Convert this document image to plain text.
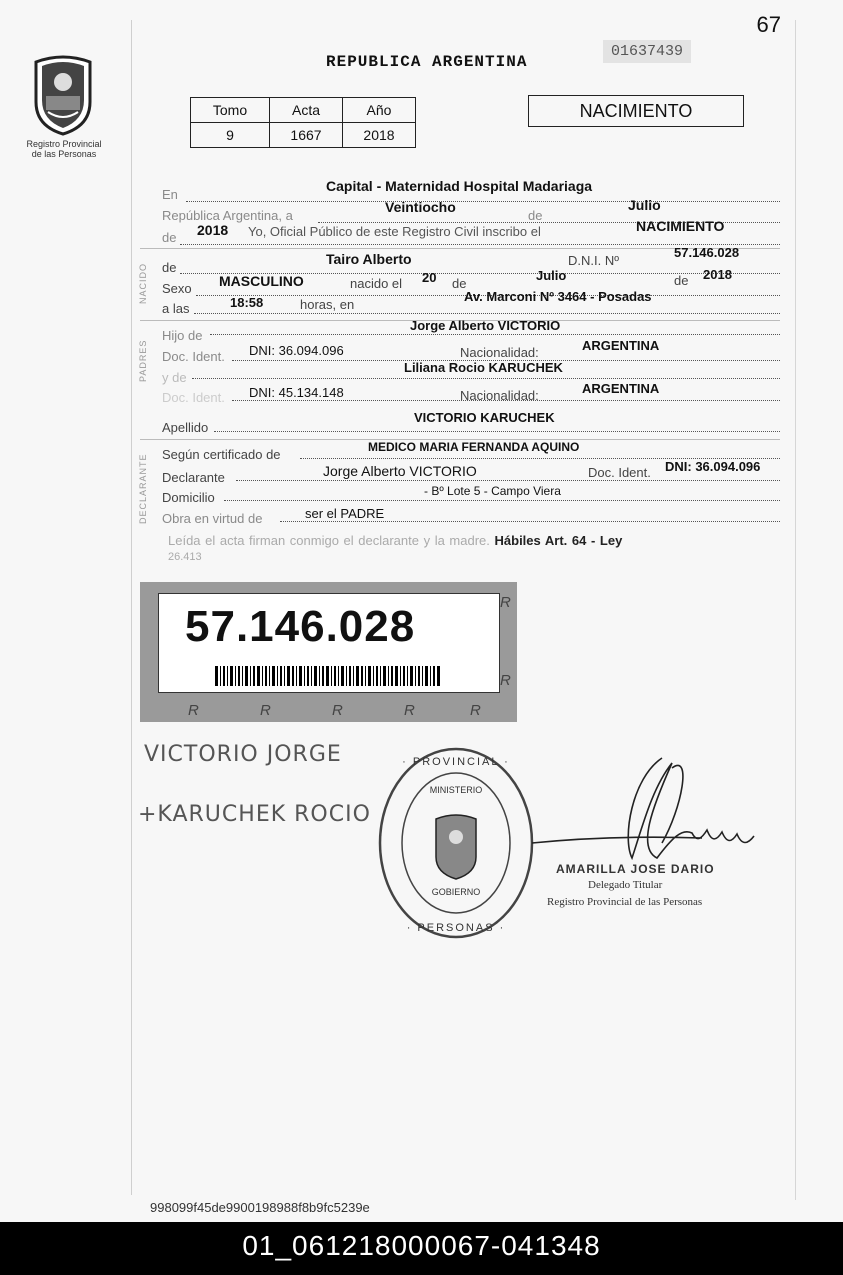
67
Registro Provincial
de las Personas
REPUBLICA ARGENTINA
01637439
Tomo	Acta	Año
9	1667	2018
NACIMIENTO
En
Capital - Maternidad Hospital Madariaga
República Argentina, a
Veintiocho
de
Julio
de 2018 Yo, Oficial Público de este Registro Civil inscribo el	NACIMIENTO
NACIDO de
Tairo Alberto	D.N.I. Nº
57.146.028
Sexo MASCULINO	nacido el 20 de
Julio	de 2018
a las	18:58	horas, en
Av. Marconi Nº 3464 - Posadas
PADRES
Hijo de
Jorge Alberto VICTORIO
Doc. Ident. DNI: 36.094.096	Nacionalidad:	ARGENTINA
y de
Liliana Rocio KARUCHEK
Doc. Ident. DNI: 45.134.148	Nacionalidad:	ARGENTINA
Apellido
VICTORIO KARUCHEK
DECLARANTE Según certificado de	MEDICO MARIA FERNANDA AQUINO
Declarante	Jorge Alberto VICTORIO	Doc. Ident. DNI: 36.094.096
Domicilio	- Bº Lote 5 - Campo Viera
Obra en virtud de	ser el PADRE
Leída el acta firman conmigo el declarante y la madre. Hábiles Art. 64 - Ley
26.413
57.146.028	R
R
R	R	R	R	R
VICTORIO JORGE
+KARUCHEK ROCIO
· PROVINCIAL ·
· PERSONAS ·
MINISTERIO
GOBIERNO
AMARILLA JOSE DARIO
Delegado Titular
Registro Provincial de las Personas
998099f45de9900198988f8b9fc5239e
01_061218000067-041348
